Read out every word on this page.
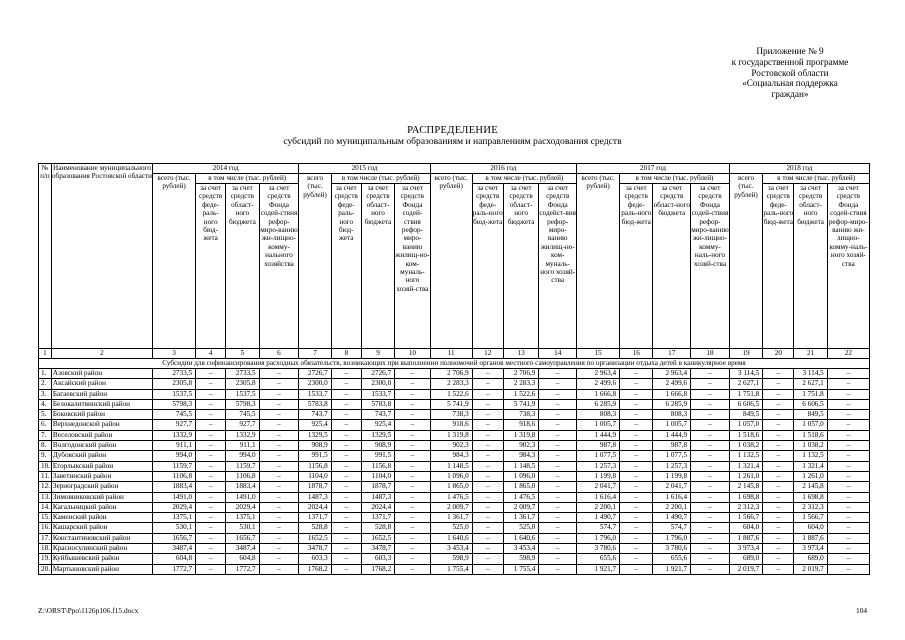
Приложение № 9
к государственной программе
Ростовской области
«Социальная поддержка
граждан»
РАСПРЕДЕЛЕНИЕ
субсидий по муниципальным образованиям и направлениям расходования средств
№ п/п	Наименование муниципального образования Ростовской области	2014 год				2015 год				2016 год				2017 год				2018 год			
		всего (тыс. рублей)	в том числе (тыс. рублей)			всего (тыс. рублей)	в том числе (тыс. рублей)			всего (тыс. рублей)	в том числе (тыс. рублей)			всего (тыс. рублей)	в том числе (тыс. рублей)			всего (тыс. рублей)	в том числе (тыс. рублей)		
			за счет средств феде-раль-ного бюд-жета	за счет средств област-ного бюджета	за счет средств Фонда содей-ствия рефор-миро-ванию жи-лищно-комму-нального хозяйства		за счет средств феде-раль-ного бюд-жета	за счет средств област-ного бюджета	за счет средств Фонда содей-ствия рефор-миро-ванию жилищ-но-ком-муналь-ного хозяй-ства		за счет средств феде-раль-ного бюд-жета	за счет средств област-ного бюджета	за счет средств Фонда содейст-вия рефор-миро-ванию жилищ-но-ком-муналь-ного хозяй-ства		за счет средств феде-раль-ного бюд-жета	за счет средств област-ного бюджета	за счет средств Фонда содей-ствия рефор-миро-ванию жи-лищно-комму-наль-ного хозяй-ства		за счет средств феде-раль-ного бюд-жета	за счет средств област-ного бюджета	за счет средств Фонда содей-ствия рефор-миро-ванию жи-лищно-комму-наль-ного хозяй-ства
1	2	3	4	5	6	7	8	9	10	11	12	13	14	15	16	17	18	19	20	21	22
Субсидии для софинансирования расходных обязательств, возникающих при выполнении полномочий органов местного самоуправления по организации отдыха детей в каникулярное время																					
1.	Азовский район	2733,5	–	2733,5	–	2726,7	–	2726,7	–	2 706,9	–	2 706,9	–	2 963,4	–	2 963,4	–	3 114,5	–	3 114,5	–
2.	Аксайский район	2305,8	–	2305,8	–	2300,0	–	2300,0	–	2 283,3	–	2 283,3	–	2 499,6	–	2 499,6	–	2 627,1	–	2 627,1	–
3.	Багаевский район	1537,5	–	1537,5	–	1533,7	–	1533,7	–	1 522,6	–	1 522,6	–	1 666,8	–	1 666,8	–	1 751,8	–	1 751,8	–
4.	Белокалитвинский район	5798,3	–	5798,3	–	5783,8	–	5783,8	–	5 741,9	–	5 741,9	–	6 285,9	–	6 285,9	–	6 606,5	–	6 606,5	–
5.	Боковский район	745,5	–	745,5	–	743,7	–	743,7	–	738,3	–	738,3	–	808,3	–	808,3	–	849,5	–	849,5	–
6.	Верхнедонской район	927,7	–	927,7	–	925,4	–	925,4	–	918,6	–	918,6	–	1 005,7	–	1 005,7	–	1 057,0	–	1 057,0	–
7.	Веселовский район	1332,9	–	1332,9	–	1329,5	–	1329,5	–	1 319,8	–	1 319,8	–	1 444,9	–	1 444,9	–	1 518,6	–	1 518,6	–
8.	Волгодонский район	911,1	–	911,1	–	908,9	–	908,9	–	902,3	–	902,3	–	987,8	–	987,8	–	1 038,2	–	1 038,2	–
9.	Дубовский район	994,0	–	994,0	–	991,5	–	991,5	–	984,3	–	984,3	–	1 077,5	–	1 077,5	–	1 132,5	–	1 132,5	–
10.	Егорлыкский район	1159,7	–	1159,7	–	1156,8	–	1156,8	–	1 148,5	–	1 148,5	–	1 257,3	–	1 257,3	–	1 321,4	–	1 321,4	–
11.	Заветинский район	1106,8	–	1106,8	–	1104,0	–	1104,0	–	1 096,0	–	1 096,0	–	1 199,8	–	1 199,8	–	1 261,0	–	1 261,0	–
12.	Зерноградский район	1883,4	–	1883,4	–	1878,7	–	1878,7	–	1 865,0	–	1 865,0	–	2 041,7	–	2 041,7	–	2 145,8	–	2 145,8	–
13.	Зимовниковский район	1491,0	–	1491,0	–	1487,3	–	1487,3	–	1 476,5	–	1 476,5	–	1 616,4	–	1 616,4	–	1 698,8	–	1 698,8	–
14.	Кагальницкий район	2029,4	–	2029,4	–	2024,4	–	2024,4	–	2 009,7	–	2 009,7	–	2 200,1	–	2 200,1	–	2 312,3	–	2 312,3	–
15.	Каменский район	1375,1	–	1375,1	–	1371,7	–	1371,7	–	1 361,7	–	1 361,7	–	1 490,7	–	1 490,7	–	1 566,7	–	1 566,7	–
16.	Кашарский район	530,1	–	530,1	–	528,8	–	528,8	–	525,0	–	525,0	–	574,7	–	574,7	–	604,0	–	604,0	–
17.	Константиновский район	1656,7	–	1656,7	–	1652,5	–	1652,5	–	1 640,6	–	1 640,6	–	1 796,0	–	1 796,0	–	1 887,6	–	1 887,6	–
18.	Красносулинский район	3487,4	–	3487,4	–	3478,7	–	3478,7	–	3 453,4	–	3 453,4	–	3 780,6	–	3 780,6	–	3 973,4	–	3 973,4	–
19.	Куйбышевский район	604,8	–	604,8	–	603,3	–	603,3	–	598,9	–	598,9	–	655,6	–	655,6	–	689,0	–	689,0	–
20.	Мартыновский район	1772,7	–	1772,7	–	1768,2	–	1768,2	–	1 755,4	–	1 755,4	–	1 921,7	–	1 921,7	–	2 019,7	–	2 019,7	–
Z:\ORST\Ppo\1126p106.f15.docx	104
